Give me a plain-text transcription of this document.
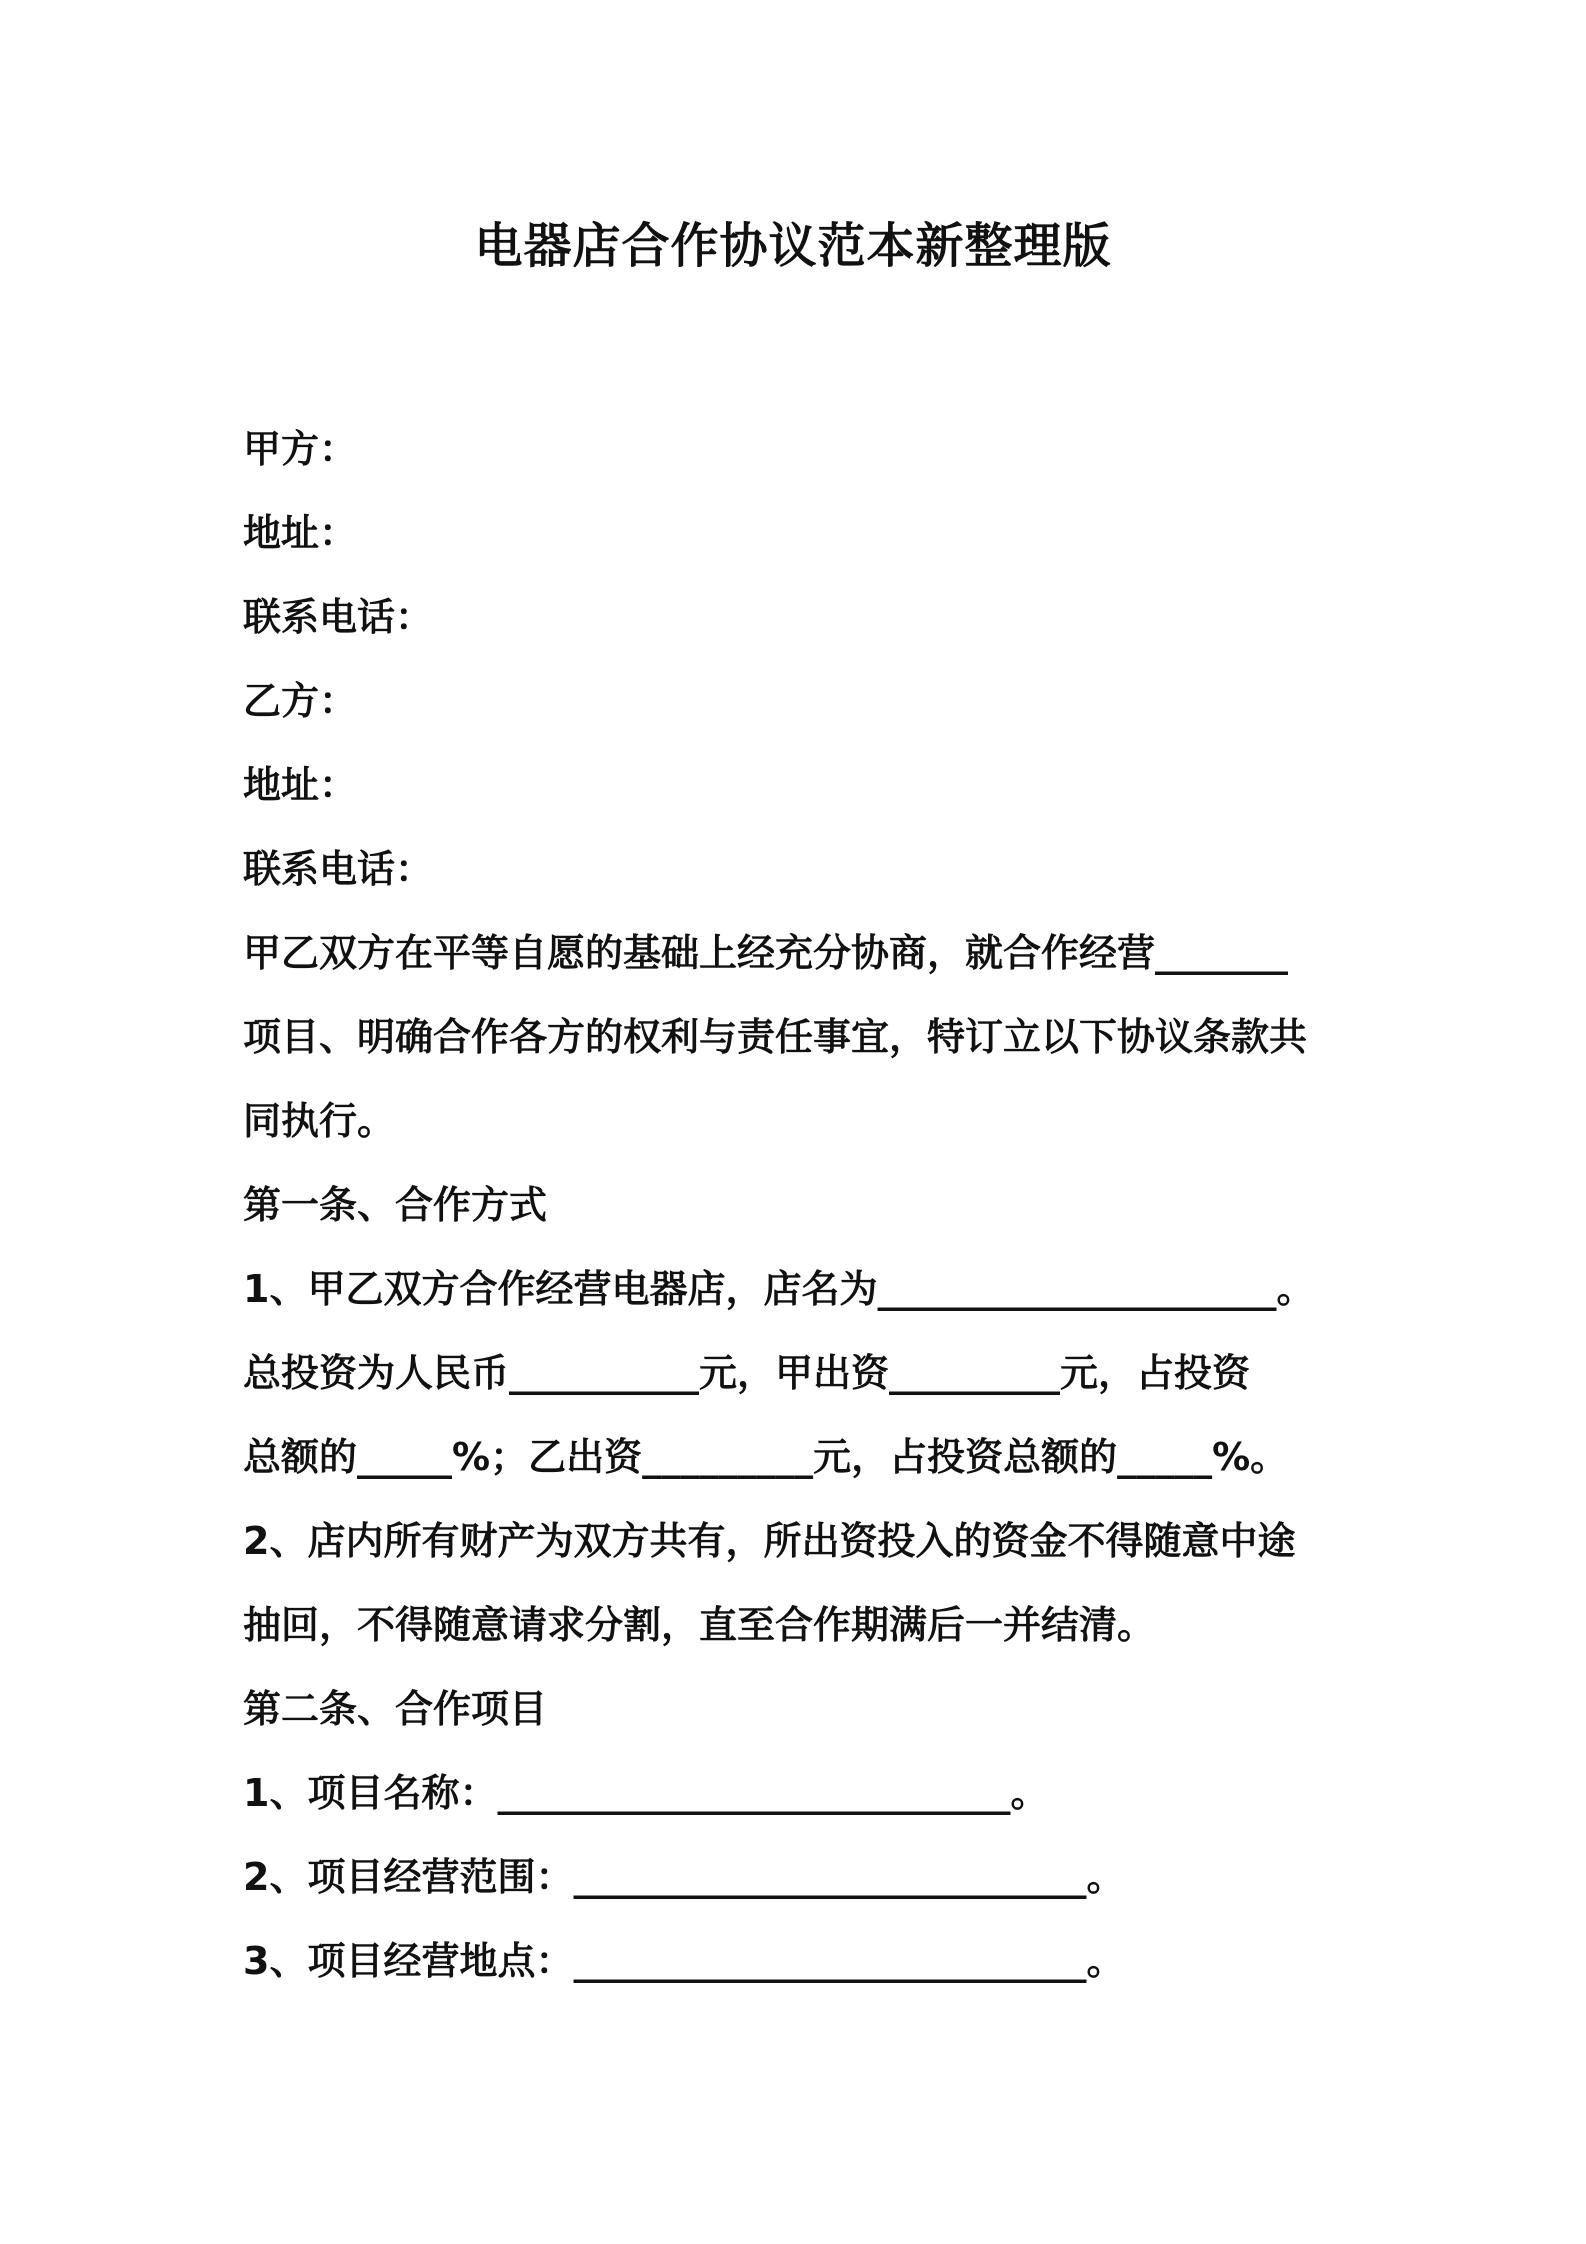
电器店合作协议范本新整理版
甲方：
地址：
联系电话：
乙方：
地址：
联系电话：
甲乙双方在平等自愿的基础上经充分协商，就合作经营_______
项目、明确合作各方的权利与责任事宜，特订立以下协议条款共
同执行。
第一条、合作方式
1、甲乙双方合作经营电器店，店名为_____________________。
总投资为人民币__________元，甲出资_________元，占投资
总额的_____%；乙出资_________元，占投资总额的_____%。
2、店内所有财产为双方共有，所出资投入的资金不得随意中途
抽回，不得随意请求分割，直至合作期满后一并结清。
第二条、合作项目
1、项目名称：___________________________。
2、项目经营范围：___________________________。
3、项目经营地点：___________________________。
